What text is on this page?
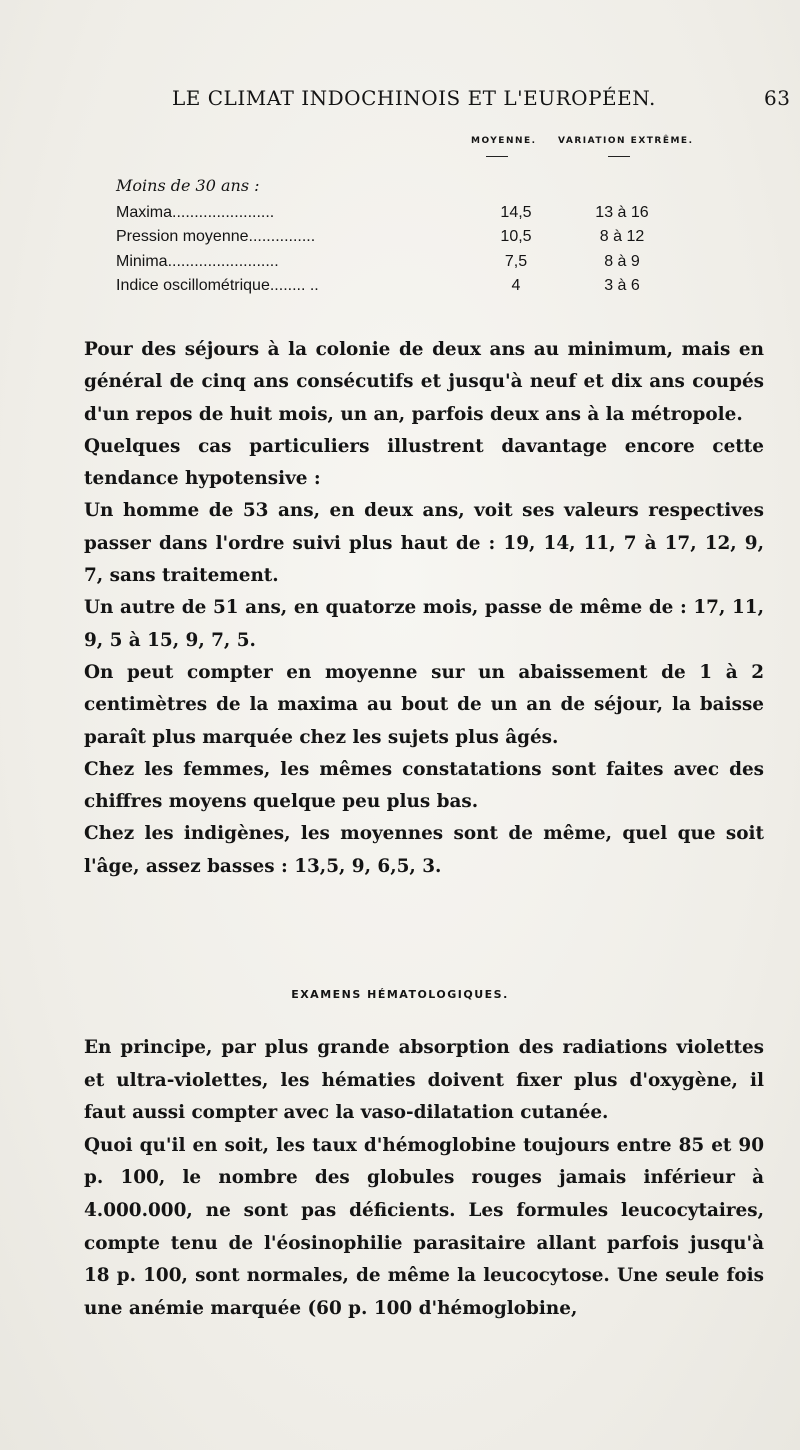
LE CLIMAT INDOCHINOIS ET L'EUROPÉEN.	63
MOYENNE. VARIATION EXTRÊME.
Moins de 30 ans :
Maxima.......................	14,5	13 à 16
Pression moyenne...............	10,5	8 à 12
Minima.........................	7,5	8 à 9
Indice oscillométrique........ ..	4	3 à 6

Pour des séjours à la colonie de deux ans au minimum, mais en général de cinq ans consécutifs et jusqu'à neuf et dix ans coupés d'un repos de huit mois, un an, parfois deux ans à la métropole.

Quelques cas particuliers illustrent davantage encore cette tendance hypotensive :

Un homme de 53 ans, en deux ans, voit ses valeurs respectives passer dans l'ordre suivi plus haut de : 19, 14, 11, 7 à 17, 12, 9, 7, sans traitement.

Un autre de 51 ans, en quatorze mois, passe de même de : 17, 11, 9, 5 à 15, 9, 7, 5.

On peut compter en moyenne sur un abaissement de 1 à 2 centimètres de la maxima au bout de un an de séjour, la baisse paraît plus marquée chez les sujets plus âgés.

Chez les femmes, les mêmes constatations sont faites avec des chiffres moyens quelque peu plus bas.

Chez les indigènes, les moyennes sont de même, quel que soit l'âge, assez basses : 13,5, 9, 6,5, 3.

EXAMENS HÉMATOLOGIQUES.

En principe, par plus grande absorption des radiations violettes et ultra-violettes, les hématies doivent fixer plus d'oxygène, il faut aussi compter avec la vaso-dilatation cutanée.

Quoi qu'il en soit, les taux d'hémoglobine toujours entre 85 et 90 p. 100, le nombre des globules rouges jamais inférieur à 4.000.000, ne sont pas déficients. Les formules leucocytaires, compte tenu de l'éosinophilie parasitaire allant parfois jusqu'à 18 p. 100, sont normales, de même la leucocytose. Une seule fois une anémie marquée (60 p. 100 d'hémoglobine,
